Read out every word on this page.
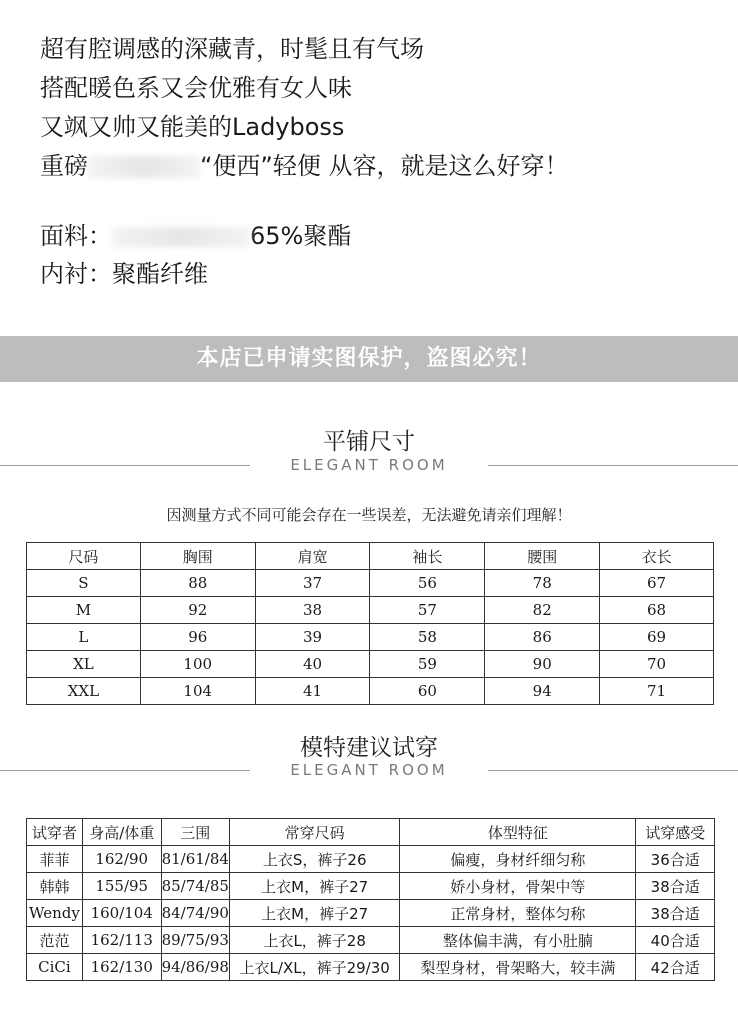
超有腔调感的深藏青，时髦且有气场
搭配暖色系又会优雅有女人味
又飒又帅又能美的Ladyboss
重磅	“便西”轻便 从容，就是这么好穿！
面料：	65%聚酯
内衬：聚酯纤维
本店已申请实图保护，盗图必究！
平铺尺寸
ELEGANT ROOM
因测量方式不同可能会存在一些误差，无法避免请亲们理解！
尺码	胸围	肩宽	袖长	腰围	衣长
S	88	37	56	78	67
M	92	38	57	82	68
L	96	39	58	86	69
XL	100	40	59	90	70
XXL	104	41	60	94	71
模特建议试穿
ELEGANT ROOM
试穿者	身高/体重	三围	常穿尺码	体型特征	试穿感受
菲菲	162/90	81/61/84	上衣S，裤子26	偏瘦，身材纤细匀称	36合适
韩韩	155/95	85/74/85	上衣M，裤子27	娇小身材，骨架中等	38合适
Wendy	160/104	84/74/90	上衣M，裤子27	正常身材，整体匀称	38合适
范范	162/113	89/75/93	上衣L，裤子28	整体偏丰满，有小肚腩	40合适
CiCi	162/130	94/86/98	上衣L/XL，裤子29/30	梨型身材，骨架略大，较丰满	42合适
